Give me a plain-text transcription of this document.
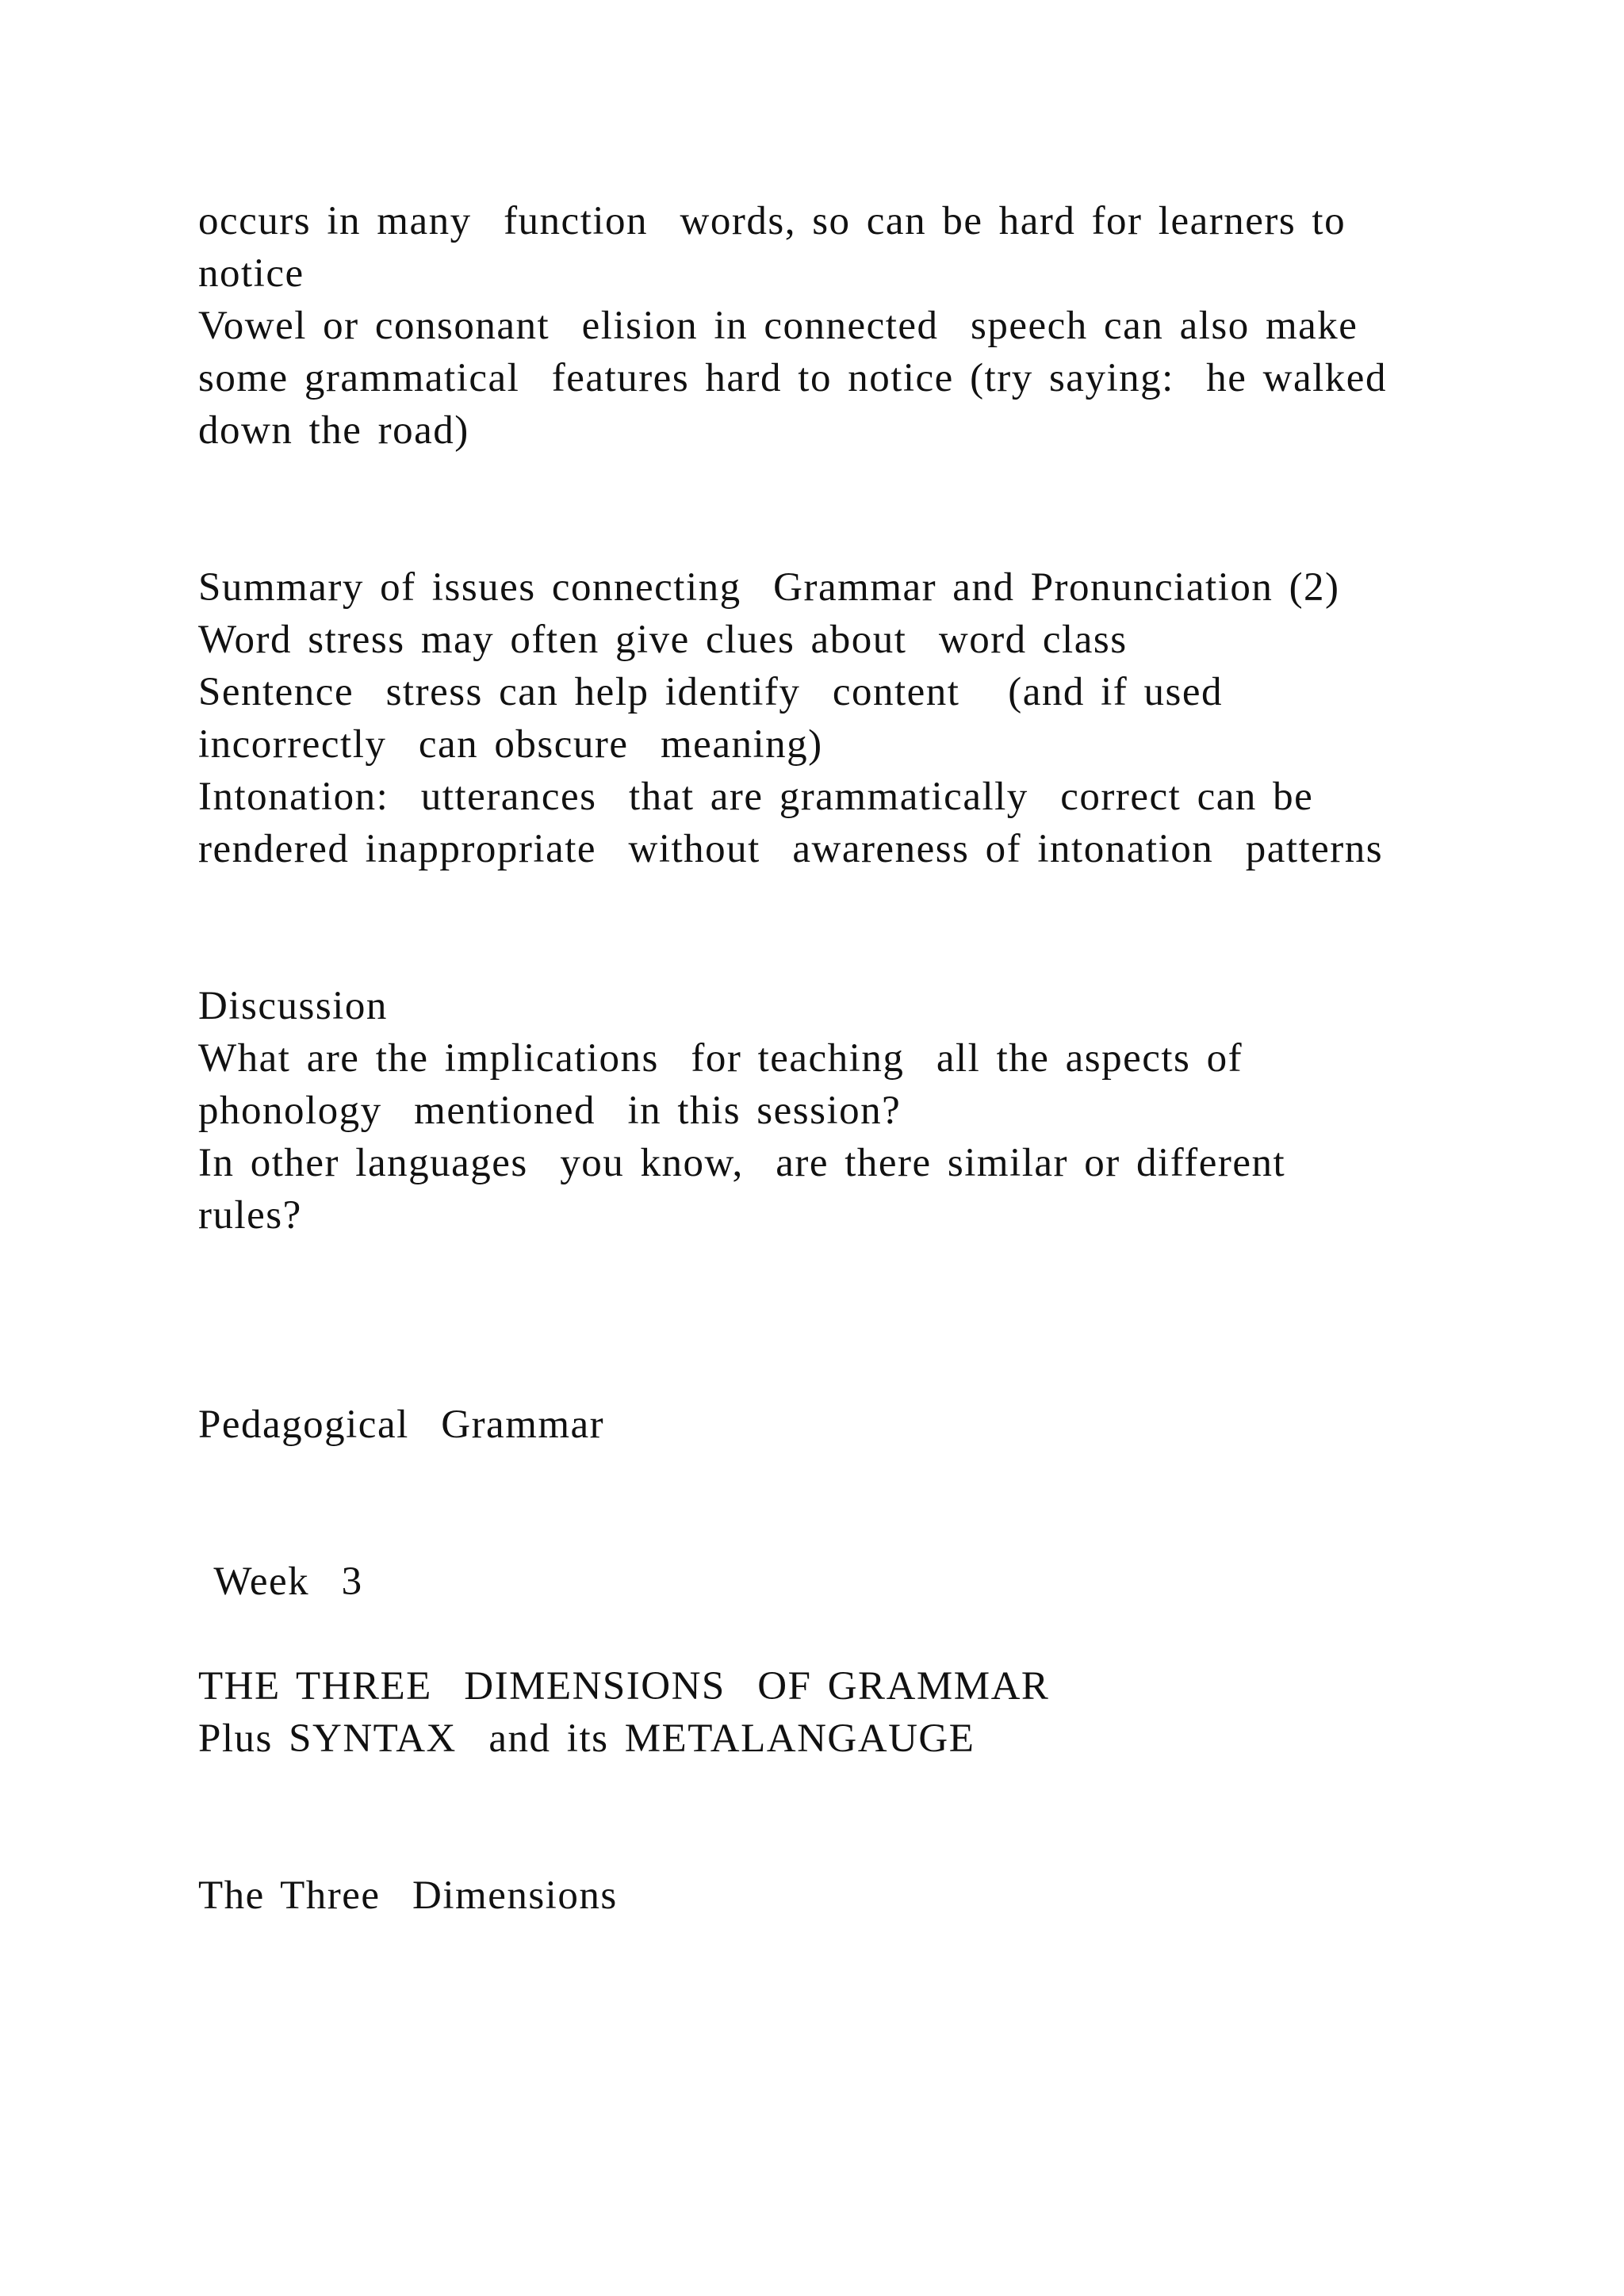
occurs in many  function  words, so can be hard for learners to
notice
Vowel or consonant  elision in connected  speech can also make
some grammatical  features hard to notice (try saying:  he walked
down the road)
Summary of issues connecting  Grammar and Pronunciation (2)
Word stress may often give clues about  word class
Sentence  stress can help identify  content   (and if used
incorrectly  can obscure  meaning)
Intonation:  utterances  that are grammatically  correct can be
rendered inappropriate  without  awareness of intonation  patterns
Discussion
What are the implications  for teaching  all the aspects of
phonology  mentioned  in this session?
In other languages  you know,  are there similar or different
rules?
Pedagogical  Grammar
Week  3
THE THREE  DIMENSIONS  OF GRAMMAR
Plus SYNTAX  and its METALANGAUGE
The Three  Dimensions
